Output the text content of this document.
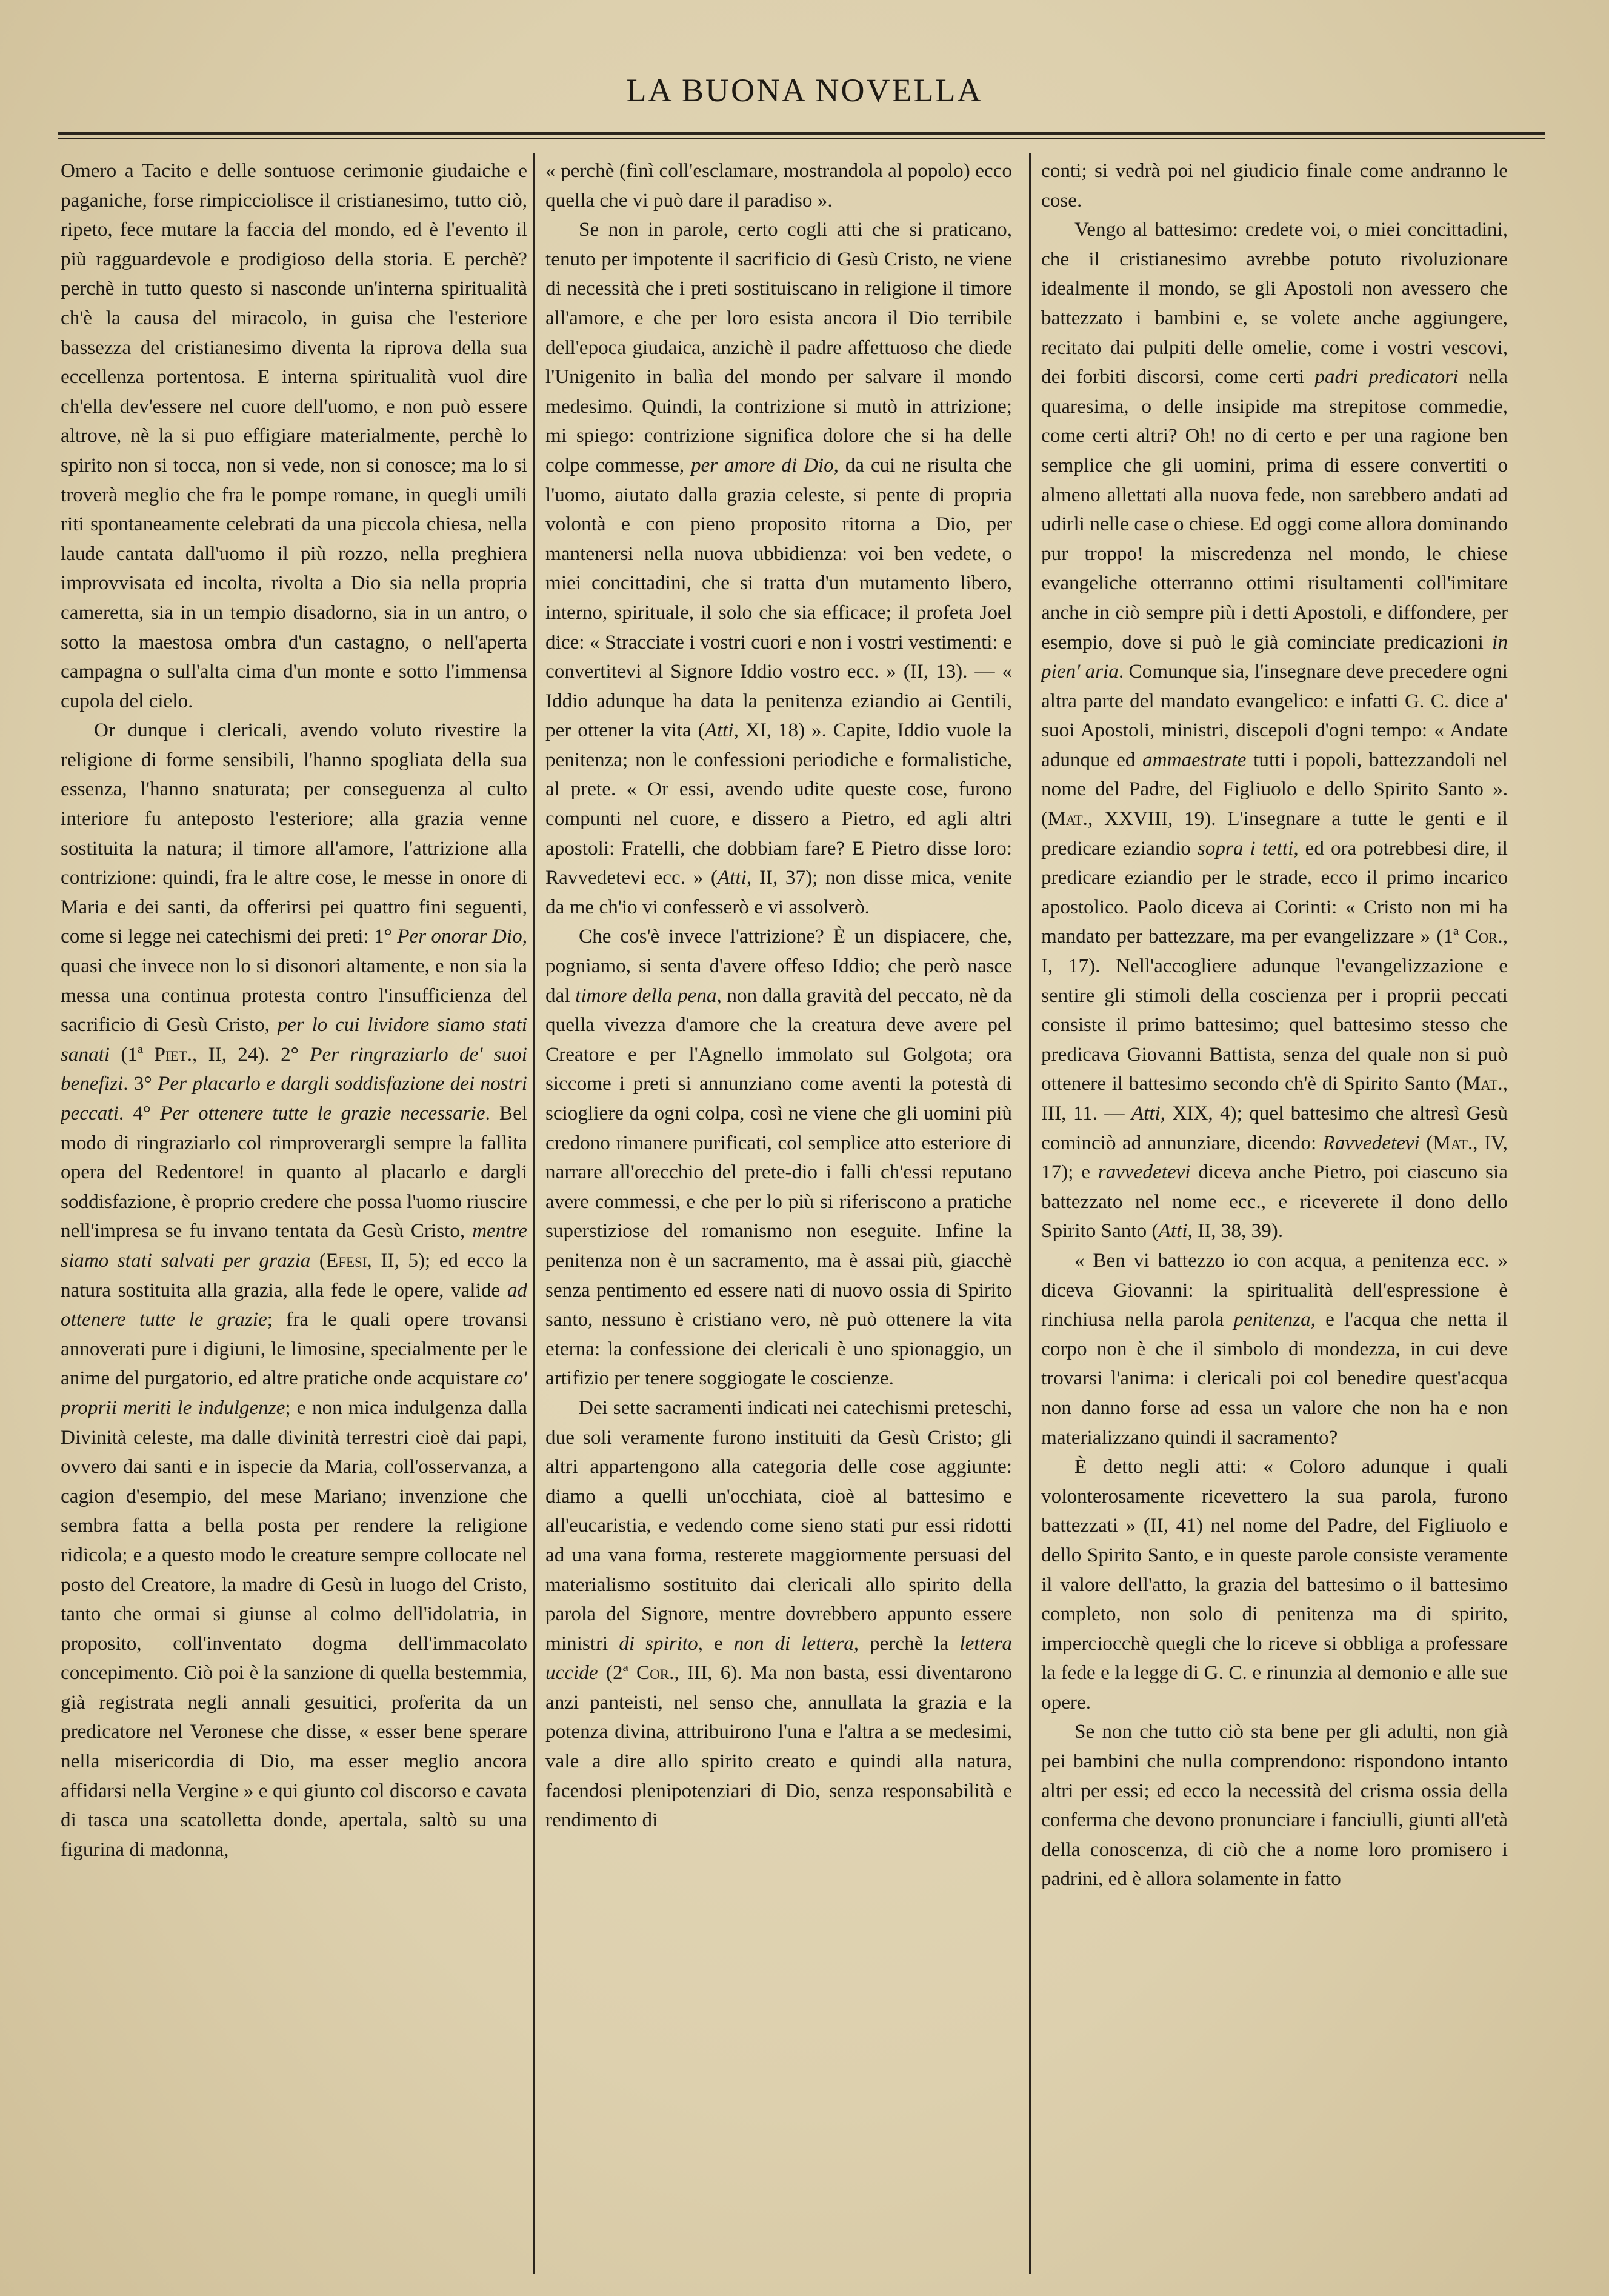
LA BUONA NOVELLA

Omero a Tacito e delle sontuose cerimonie giudaiche e paganiche, forse rimpicciolisce il cristianesimo, tutto ciò, ripeto, fece mutare la faccia del mondo, ed è l'evento il più ragguardevole e prodigioso della storia. E perchè? perchè in tutto questo si nasconde un'interna spiritualità ch'è la causa del miracolo, in guisa che l'esteriore bassezza del cristianesimo diventa la riprova della sua eccellenza portentosa. E interna spiritualità vuol dire ch'ella dev'essere nel cuore dell'uomo, e non può essere altrove, nè la si puo effigiare materialmente, perchè lo spirito non si tocca, non si vede, non si conosce; ma lo si troverà meglio che fra le pompe romane, in quegli umili riti spontaneamente celebrati da una piccola chiesa, nella laude cantata dall'uomo il più rozzo, nella preghiera improvvisata ed incolta, rivolta a Dio sia nella propria cameretta, sia in un tempio disadorno, sia in un antro, o sotto la maestosa ombra d'un castagno, o nell'aperta campagna o sull'alta cima d'un monte e sotto l'immensa cupola del cielo.

Or dunque i clericali, avendo voluto rivestire la religione di forme sensibili, l'hanno spogliata della sua essenza, l'hanno snaturata; per conseguenza al culto interiore fu anteposto l'esteriore; alla grazia venne sostituita la natura; il timore all'amore, l'attrizione alla contrizione: quindi, fra le altre cose, le messe in onore di Maria e dei santi, da offerirsi pei quattro fini seguenti, come si legge nei catechismi dei preti: 1° Per onorar Dio, quasi che invece non lo si disonori altamente, e non sia la messa una continua protesta contro l'insufficienza del sacrificio di Gesù Cristo, per lo cui lividore siamo stati sanati (1ª Piet., II, 24). 2° Per ringraziarlo de' suoi benefizi. 3° Per placarlo e dargli soddisfazione dei nostri peccati. 4° Per ottenere tutte le grazie necessarie. Bel modo di ringraziarlo col rimproverargli sempre la fallita opera del Redentore! in quanto al placarlo e dargli soddisfazione, è proprio credere che possa l'uomo riuscire nell'impresa se fu invano tentata da Gesù Cristo, mentre siamo stati salvati per grazia (Efesi, II, 5); ed ecco la natura sostituita alla grazia, alla fede le opere, valide ad ottenere tutte le grazie; fra le quali opere trovansi annoverati pure i digiuni, le limosine, specialmente per le anime del purgatorio, ed altre pratiche onde acquistare co' proprii meriti le indulgenze; e non mica indulgenza dalla Divinità celeste, ma dalle divinità terrestri cioè dai papi, ovvero dai santi e in ispecie da Maria, coll'osservanza, a cagion d'esempio, del mese Mariano; invenzione che sembra fatta a bella posta per rendere la religione ridicola; e a questo modo le creature sempre collocate nel posto del Creatore, la madre di Gesù in luogo del Cristo, tanto che ormai si giunse al colmo dell'idolatria, in proposito, coll'inventato dogma dell'immacolato concepimento. Ciò poi è la sanzione di quella bestemmia, già registrata negli annali gesuitici, proferita da un predicatore nel Veronese che disse, « esser bene sperare nella misericordia di Dio, ma esser meglio ancora affidarsi nella Vergine » e qui giunto col discorso e cavata di tasca una scatolletta donde, apertala, saltò su una figurina di madonna,

« perchè (finì coll'esclamare, mostrandola al popolo) ecco quella che vi può dare il paradiso ».

Se non in parole, certo cogli atti che si praticano, tenuto per impotente il sacrificio di Gesù Cristo, ne viene di necessità che i preti sostituiscano in religione il timore all'amore, e che per loro esista ancora il Dio terribile dell'epoca giudaica, anzichè il padre affettuoso che diede l'Unigenito in balìa del mondo per salvare il mondo medesimo. Quindi, la contrizione si mutò in attrizione; mi spiego: contrizione significa dolore che si ha delle colpe commesse, per amore di Dio, da cui ne risulta che l'uomo, aiutato dalla grazia celeste, si pente di propria volontà e con pieno proposito ritorna a Dio, per mantenersi nella nuova ubbidienza: voi ben vedete, o miei concittadini, che si tratta d'un mutamento libero, interno, spirituale, il solo che sia efficace; il profeta Joel dice: « Stracciate i vostri cuori e non i vostri vestimenti: e convertitevi al Signore Iddio vostro ecc. » (II, 13). — « Iddio adunque ha data la penitenza eziandio ai Gentili, per ottener la vita (Atti, XI, 18) ». Capite, Iddio vuole la penitenza; non le confessioni periodiche e formalistiche, al prete. « Or essi, avendo udite queste cose, furono compunti nel cuore, e dissero a Pietro, ed agli altri apostoli: Fratelli, che dobbiam fare? E Pietro disse loro: Ravvedetevi ecc. » (Atti, II, 37); non disse mica, venite da me ch'io vi confesserò e vi assolverò.

Che cos'è invece l'attrizione? È un dispiacere, che, pogniamo, si senta d'avere offeso Iddio; che però nasce dal timore della pena, non dalla gravità del peccato, nè da quella vivezza d'amore che la creatura deve avere pel Creatore e per l'Agnello immolato sul Golgota; ora siccome i preti si annunziano come aventi la potestà di sciogliere da ogni colpa, così ne viene che gli uomini più credono rimanere purificati, col semplice atto esteriore di narrare all'orecchio del prete-dio i falli ch'essi reputano avere commessi, e che per lo più si riferiscono a pratiche superstiziose del romanismo non eseguite. Infine la penitenza non è un sacramento, ma è assai più, giacchè senza pentimento ed essere nati di nuovo ossia di Spirito santo, nessuno è cristiano vero, nè può ottenere la vita eterna: la confessione dei clericali è uno spionaggio, un artifizio per tenere soggiogate le coscienze.

Dei sette sacramenti indicati nei catechismi preteschi, due soli veramente furono instituiti da Gesù Cristo; gli altri appartengono alla categoria delle cose aggiunte: diamo a quelli un'occhiata, cioè al battesimo e all'eucaristia, e vedendo come sieno stati pur essi ridotti ad una vana forma, resterete maggiormente persuasi del materialismo sostituito dai clericali allo spirito della parola del Signore, mentre dovrebbero appunto essere ministri di spirito, e non di lettera, perchè la lettera uccide (2ª Cor., III, 6). Ma non basta, essi diventarono anzi panteisti, nel senso che, annullata la grazia e la potenza divina, attribuirono l'una e l'altra a se medesimi, vale a dire allo spirito creato e quindi alla natura, facendosi plenipotenziari di Dio, senza responsabilità e rendimento di

conti; si vedrà poi nel giudicio finale come andranno le cose.

Vengo al battesimo: credete voi, o miei concittadini, che il cristianesimo avrebbe potuto rivoluzionare idealmente il mondo, se gli Apostoli non avessero che battezzato i bambini e, se volete anche aggiungere, recitato dai pulpiti delle omelie, come i vostri vescovi, dei forbiti discorsi, come certi padri predicatori nella quaresima, o delle insipide ma strepitose commedie, come certi altri? Oh! no di certo e per una ragione ben semplice che gli uomini, prima di essere convertiti o almeno allettati alla nuova fede, non sarebbero andati ad udirli nelle case o chiese. Ed oggi come allora dominando pur troppo! la miscredenza nel mondo, le chiese evangeliche otterranno ottimi risultamenti coll'imitare anche in ciò sempre più i detti Apostoli, e diffondere, per esempio, dove si può le già cominciate predicazioni in pien' aria. Comunque sia, l'insegnare deve precedere ogni altra parte del mandato evangelico: e infatti G. C. dice a' suoi Apostoli, ministri, discepoli d'ogni tempo: « Andate adunque ed ammaestrate tutti i popoli, battezzandoli nel nome del Padre, del Figliuolo e dello Spirito Santo ». (Mat., XXVIII, 19). L'insegnare a tutte le genti e il predicare eziandio sopra i tetti, ed ora potrebbesi dire, il predicare eziandio per le strade, ecco il primo incarico apostolico. Paolo diceva ai Corinti: « Cristo non mi ha mandato per battezzare, ma per evangelizzare » (1ª Cor., I, 17). Nell'accogliere adunque l'evangelizzazione e sentire gli stimoli della coscienza per i proprii peccati consiste il primo battesimo; quel battesimo stesso che predicava Giovanni Battista, senza del quale non si può ottenere il battesimo secondo ch'è di Spirito Santo (Mat., III, 11. — Atti, XIX, 4); quel battesimo che altresì Gesù cominciò ad annunziare, dicendo: Ravvedetevi (Mat., IV, 17); e ravvedetevi diceva anche Pietro, poi ciascuno sia battezzato nel nome ecc., e riceverete il dono dello Spirito Santo (Atti, II, 38, 39).

« Ben vi battezzo io con acqua, a penitenza ecc. » diceva Giovanni: la spiritualità dell'espressione è rinchiusa nella parola penitenza, e l'acqua che netta il corpo non è che il simbolo di mondezza, in cui deve trovarsi l'anima: i clericali poi col benedire quest'acqua non danno forse ad essa un valore che non ha e non materializzano quindi il sacramento?

È detto negli atti: « Coloro adunque i quali volonterosamente ricevettero la sua parola, furono battezzati » (II, 41) nel nome del Padre, del Figliuolo e dello Spirito Santo, e in queste parole consiste veramente il valore dell'atto, la grazia del battesimo o il battesimo completo, non solo di penitenza ma di spirito, imperciocchè quegli che lo riceve si obbliga a professare la fede e la legge di G. C. e rinunzia al demonio e alle sue opere.

Se non che tutto ciò sta bene per gli adulti, non già pei bambini che nulla comprendono: rispondono intanto altri per essi; ed ecco la necessità del crisma ossia della conferma che devono pronunciare i fanciulli, giunti all'età della conoscenza, di ciò che a nome loro promisero i padrini, ed è allora solamente in fatto
